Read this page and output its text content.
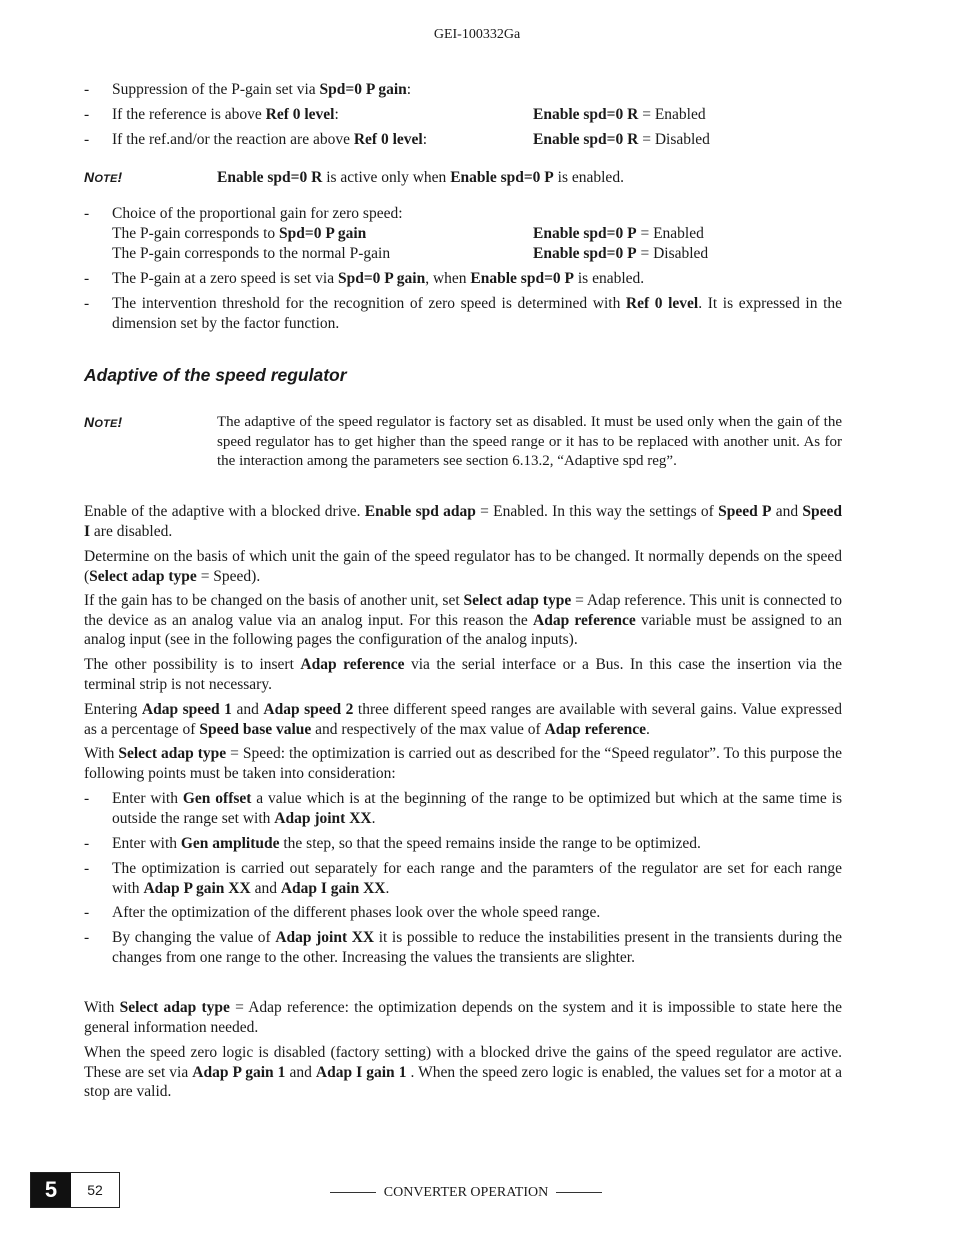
GEI-100332Ga
- Suppression of the P-gain set via Spd=0 P gain:
- If the reference is above Ref 0 level:	Enable spd=0 R = Enabled
- If the ref.and/or the reaction are above Ref 0 level:	Enable spd=0 R = Disabled
NOTE!	Enable spd=0 R is active only when Enable spd=0 P is enabled.
- Choice of the proportional gain for zero speed:
The P-gain corresponds to Spd=0 P gain	Enable spd=0 P = Enabled
The P-gain corresponds to the normal P-gain	Enable spd=0 P = Disabled
- The P-gain at a zero speed is set via Spd=0 P gain, when Enable spd=0 P is enabled.
- The intervention threshold for the recognition of zero speed is determined with Ref 0 level. It is expressed in the dimension set by the factor function.
Adaptive of the speed regulator
NOTE!	The adaptive of the speed regulator is factory set as disabled. It must be used only when the gain of the speed regulator has to get higher than the speed range or it has to be replaced with another unit. As for the interaction among the parameters see section 6.13.2, “Adaptive spd reg”.
Enable of the adaptive with a blocked drive. Enable spd adap = Enabled. In this way the settings of Speed P and Speed I are disabled.
Determine on the basis of which unit the gain of the speed regulator has to be changed. It normally depends on the speed (Select adap type = Speed).
If the gain has to be changed on the basis of another unit, set Select adap type = Adap reference. This unit is connected to the device as an analog value via an analog input. For this reason the Adap reference variable must be assigned to an analog input (see in the following pages the configuration of the analog inputs).
The other possibility is to insert Adap reference via the serial interface or a Bus. In this case the insertion via the terminal strip is not necessary.
Entering Adap speed 1 and Adap speed 2 three different speed ranges are available with several gains. Value expressed as a percentage of Speed base value and respectively of the max value of Adap reference.
With Select adap type = Speed: the optimization is carried out as described for the “Speed regulator”. To this purpose the following points must be taken into consideration:
- Enter with Gen offset a value which is at the beginning of the range to be optimized but which at the same time is outside the range set with Adap joint XX.
- Enter with Gen amplitude the step, so that the speed remains inside the range to be optimized.
- The optimization is carried out separately for each range and the paramters of the regulator are set for each range with Adap P gain XX and Adap I gain XX.
- After the optimization of the different phases look over the whole speed range.
- By changing the value of Adap joint XX it is possible to reduce the instabilities present in the transients during the changes from one range to the other. Increasing the values the transients are slighter.
With Select adap type = Adap reference: the optimization depends on the system and it is impossible to state here the general information needed.
When the speed zero logic is disabled (factory setting) with a blocked drive the gains of the speed regulator are active. These are set via Adap P gain 1 and Adap I gain 1 . When the speed zero logic is enabled, the values set for a motor at a stop are valid.
5	52	CONVERTER OPERATION
